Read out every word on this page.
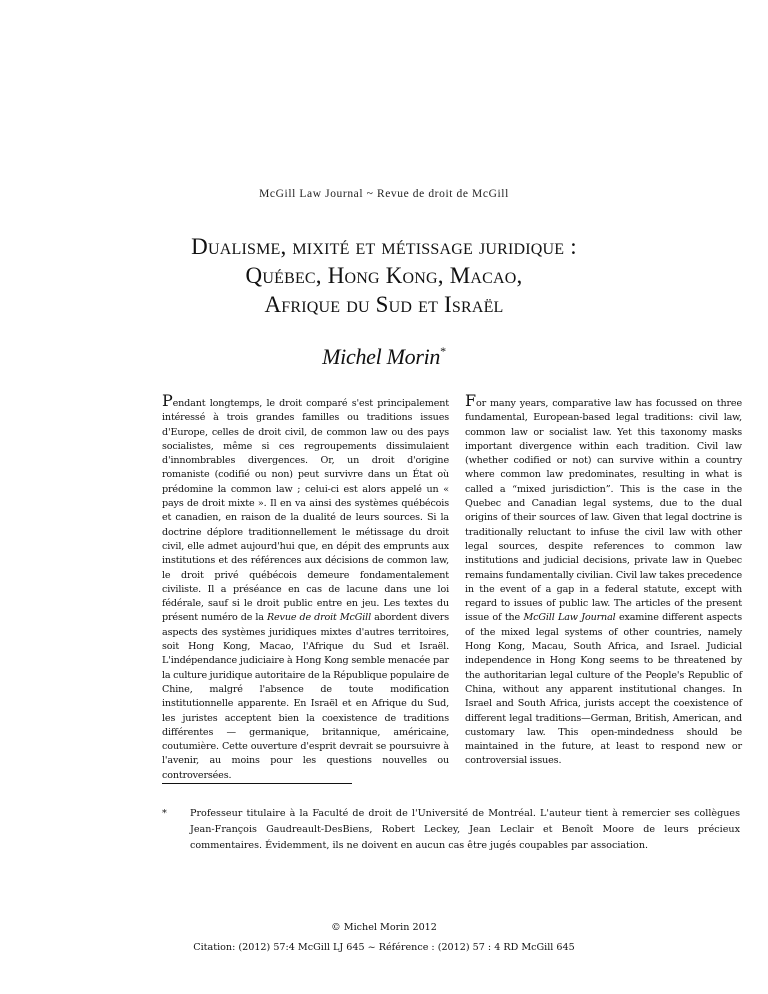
McGill Law Journal ~ Revue de droit de McGill
Dualisme, mixité et métissage juridique :
Québec, Hong Kong, Macao,
Afrique du Sud et Israël
Michel Morin*
Pendant longtemps, le droit comparé s'est principalement intéressé à trois grandes familles ou traditions issues d'Europe, celles de droit civil, de common law ou des pays socialistes, même si ces regroupements dissimulaient d'innombrables divergences. Or, un droit d'origine romaniste (codifié ou non) peut survivre dans un État où prédomine la common law ; celui-ci est alors appelé un « pays de droit mixte ». Il en va ainsi des systèmes québécois et canadien, en raison de la dualité de leurs sources. Si la doctrine déplore traditionnellement le métissage du droit civil, elle admet aujourd'hui que, en dépit des emprunts aux institutions et des références aux décisions de common law, le droit privé québécois demeure fondamentalement civiliste. Il a préséance en cas de lacune dans une loi fédérale, sauf si le droit public entre en jeu. Les textes du présent numéro de la Revue de droit McGill abordent divers aspects des systèmes juridiques mixtes d'autres territoires, soit Hong Kong, Macao, l'Afrique du Sud et Israël. L'indépendance judiciaire à Hong Kong semble menacée par la culture juridique autoritaire de la République populaire de Chine, malgré l'absence de toute modification institutionnelle apparente. En Israël et en Afrique du Sud, les juristes acceptent bien la coexistence de traditions différentes — germanique, britannique, américaine, coutumière. Cette ouverture d'esprit devrait se poursuivre à l'avenir, au moins pour les questions nouvelles ou controversées.
For many years, comparative law has focussed on three fundamental, European-based legal traditions: civil law, common law or socialist law. Yet this taxonomy masks important divergence within each tradition. Civil law (whether codified or not) can survive within a country where common law predominates, resulting in what is called a “mixed jurisdiction”. This is the case in the Quebec and Canadian legal systems, due to the dual origins of their sources of law. Given that legal doctrine is traditionally reluctant to infuse the civil law with other legal sources, despite references to common law institutions and judicial decisions, private law in Quebec remains fundamentally civilian. Civil law takes precedence in the event of a gap in a federal statute, except with regard to issues of public law. The articles of the present issue of the McGill Law Journal examine different aspects of the mixed legal systems of other countries, namely Hong Kong, Macau, South Africa, and Israel. Judicial independence in Hong Kong seems to be threatened by the authoritarian legal culture of the People's Republic of China, without any apparent institutional changes. In Israel and South Africa, jurists accept the coexistence of different legal traditions—German, British, American, and customary law. This open-mindedness should be maintained in the future, at least to respond new or controversial issues.
*	Professeur titulaire à la Faculté de droit de l'Université de Montréal. L'auteur tient à remercier ses collègues Jean-François Gaudreault-DesBiens, Robert Leckey, Jean Leclair et Benoît Moore de leurs précieux commentaires. Évidemment, ils ne doivent en aucun cas être jugés coupables par association.
© Michel Morin 2012
Citation: (2012) 57:4 McGill LJ 645 ~ Référence : (2012) 57 : 4 RD McGill 645
